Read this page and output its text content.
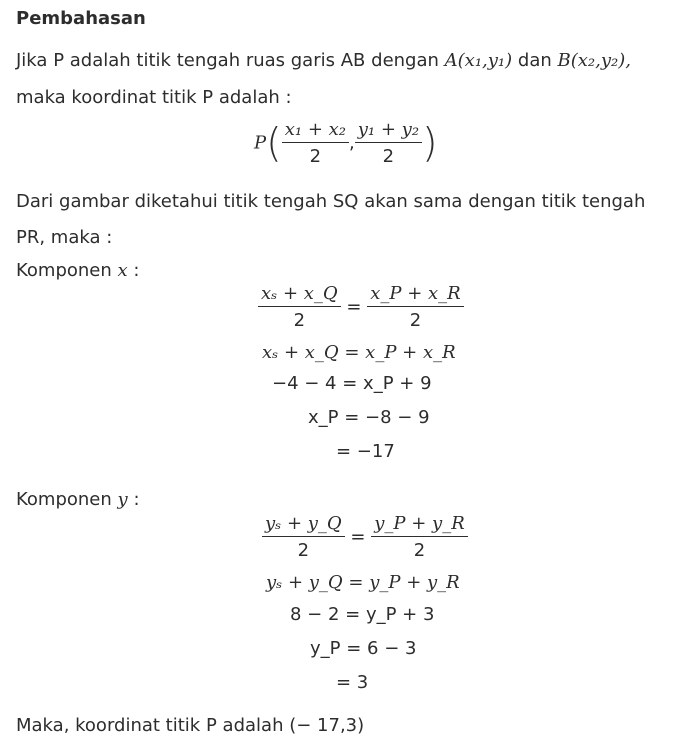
Pembahasan
Jika P adalah titik tengah ruas garis AB dengan A(x₁,y₁) dan B(x₂,y₂),
maka koordinat titik P adalah :
$P( \frac{\text{x₁ + x₂}}{2}$ , $\frac{\text{y₁ + y₂}}{2}$ )
Dari gambar diketahui titik tengah SQ akan sama dengan titik tengah
PR, maka :
Komponen x :
$\frac{\text{xₛ + x\_Q}}{2} = \frac{x\_P + x\_R}{2}$
xₛ + x_Q = x_P + x_R
−4 − 4 = x_P + 9
x_P = −8 − 9
= −17
Komponen y :
$\frac{\text{yₛ + y\_Q}}{2} = \frac{y\_P + y\_R}{2}$
yₛ + y_Q = y_P + y_R
8 − 2 = y_P + 3
y_P = 6 − 3
= 3
Maka, koordinat titik P adalah (− 17,3)
